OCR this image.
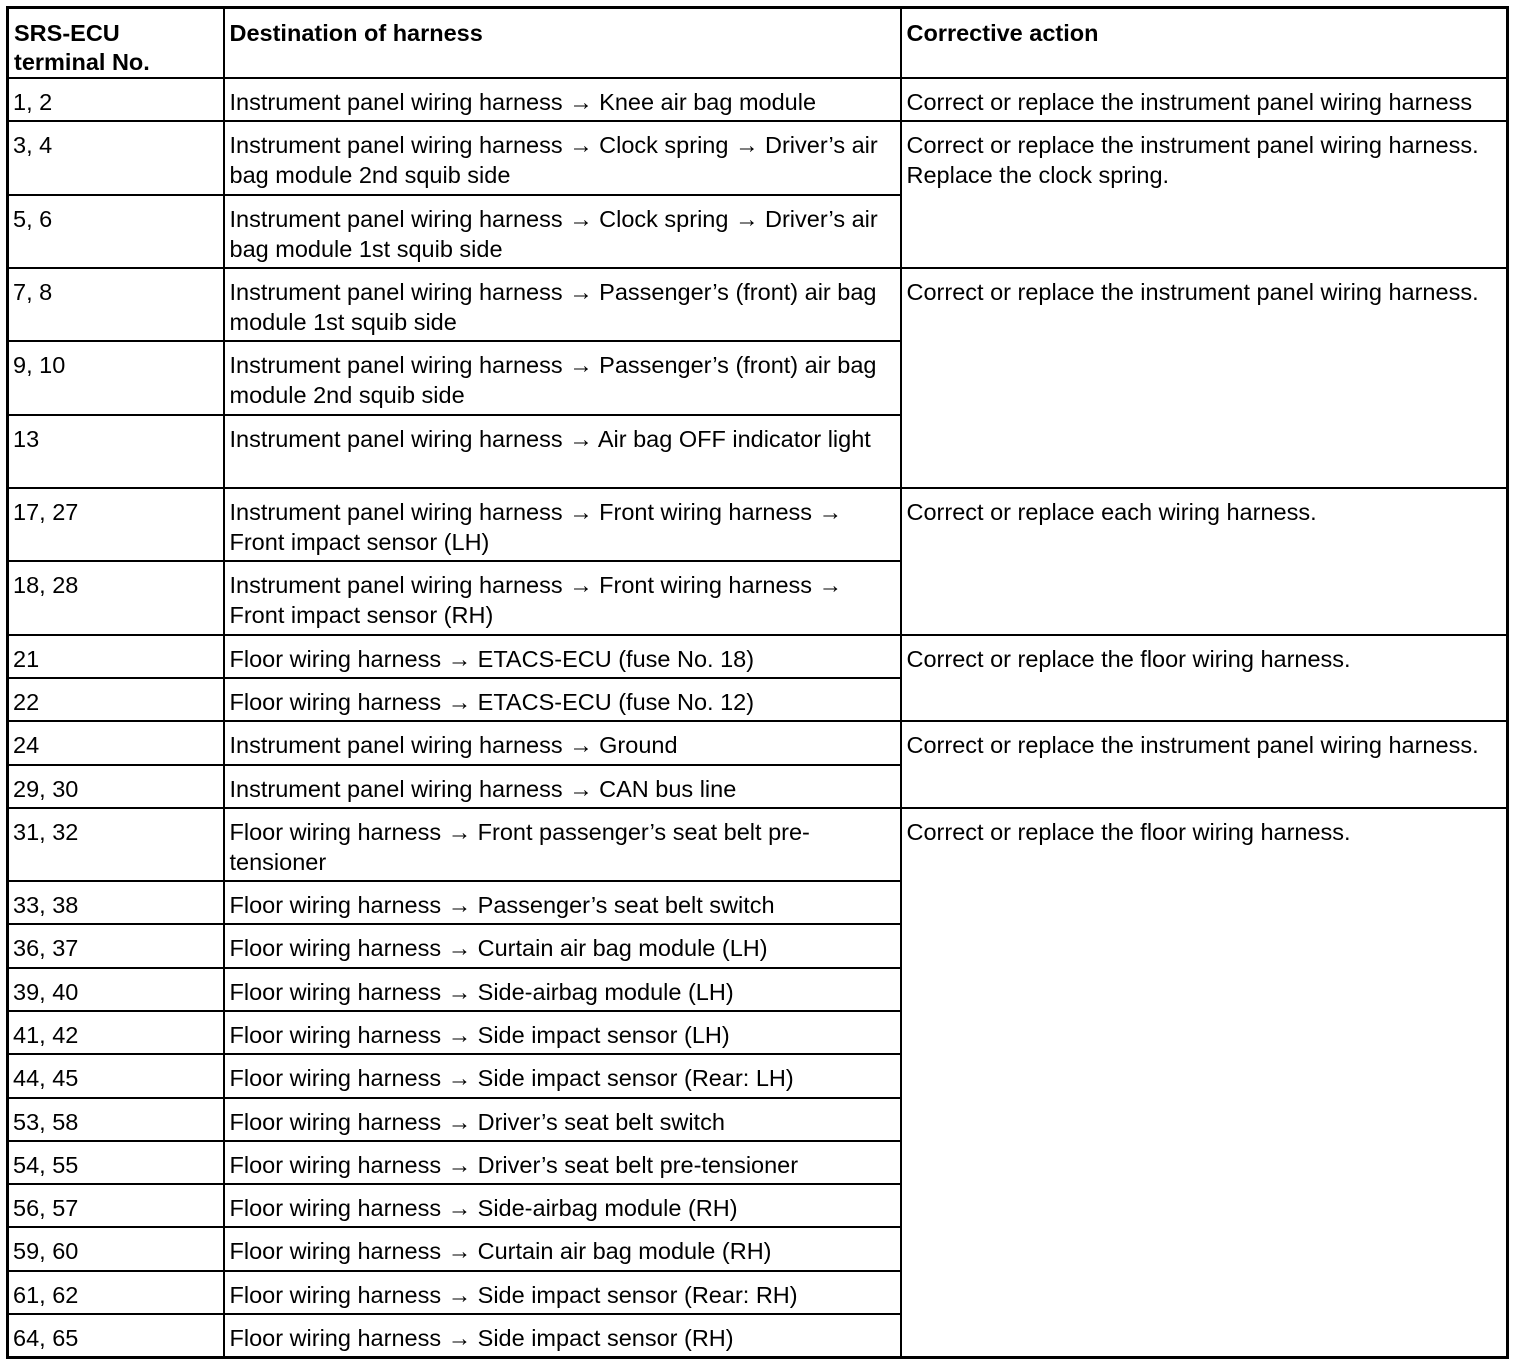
SRS-ECU terminal No.	Destination of harness	Corrective action
1, 2	Instrument panel wiring harness → Knee air bag module	Correct or replace the instrument panel wiring harness
3, 4	Instrument panel wiring harness → Clock spring → Driver’s air bag module 2nd squib side	Correct or replace the instrument panel wiring harness. Replace the clock spring.
5, 6	Instrument panel wiring harness → Clock spring → Driver’s air bag module 1st squib side	
7, 8	Instrument panel wiring harness → Passenger’s (front) air bag module 1st squib side	Correct or replace the instrument panel wiring harness.
9, 10	Instrument panel wiring harness → Passenger’s (front) air bag module 2nd squib side	
13	Instrument panel wiring harness → Air bag OFF indicator light	
17, 27	Instrument panel wiring harness → Front wiring harness → Front impact sensor (LH)	Correct or replace each wiring harness.
18, 28	Instrument panel wiring harness → Front wiring harness → Front impact sensor (RH)	
21	Floor wiring harness → ETACS-ECU (fuse No. 18)	Correct or replace the floor wiring harness.
22	Floor wiring harness → ETACS-ECU (fuse No. 12)	
24	Instrument panel wiring harness → Ground	Correct or replace the instrument panel wiring harness.
29, 30	Instrument panel wiring harness → CAN bus line	
31, 32	Floor wiring harness → Front passenger’s seat belt pre-tensioner	Correct or replace the floor wiring harness.
33, 38	Floor wiring harness → Passenger’s seat belt switch	
36, 37	Floor wiring harness → Curtain air bag module (LH)	
39, 40	Floor wiring harness → Side-airbag module (LH)	
41, 42	Floor wiring harness → Side impact sensor (LH)	
44, 45	Floor wiring harness → Side impact sensor (Rear: LH)	
53, 58	Floor wiring harness → Driver’s seat belt switch	
54, 55	Floor wiring harness → Driver’s seat belt pre-tensioner	
56, 57	Floor wiring harness → Side-airbag module (RH)	
59, 60	Floor wiring harness → Curtain air bag module (RH)	
61, 62	Floor wiring harness → Side impact sensor (Rear: RH)	
64, 65	Floor wiring harness → Side impact sensor (RH)	
